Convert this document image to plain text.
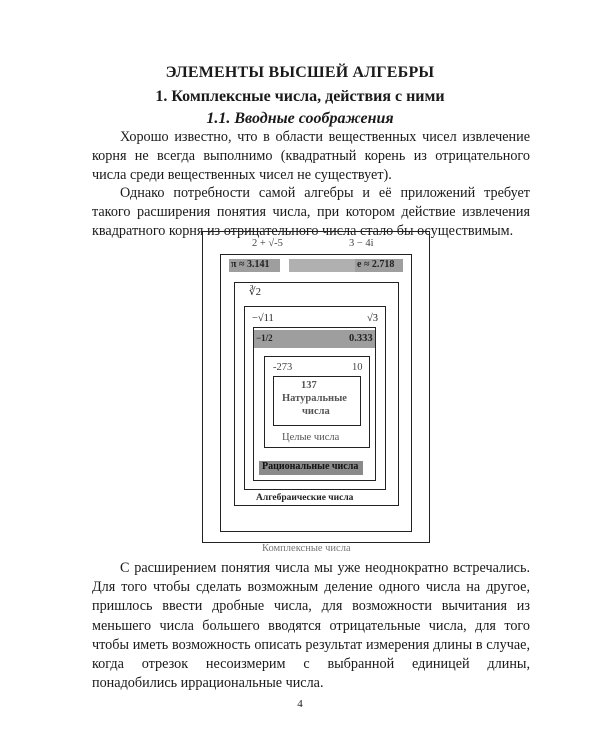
ЭЛЕМЕНТЫ ВЫСШЕЙ АЛГЕБРЫ
1. Комплексные числа, действия с ними
1.1. Вводные соображения
Хорошо известно, что в области вещественных чисел извлечение корня не всегда выполнимо (квадратный корень из отрицательного числа среди вещественных чисел не существует).
Однако потребности самой алгебры и её приложений требует такого расширения понятия числа, при котором действие извлечения квадратного корня из отрицательного числа стало бы осуществимым.
2 + √-5	3 − 4i
Комплексные числа
π ≈ 3.141	e ≈ 2.718
∛2
Алгебраические числа
−√11	√3
−1/2	0.333
Рациональные числа
-273	10
Целые числа
137
Натуральные
числа
С расширением понятия числа мы уже неоднократно встречались. Для того чтобы сделать возможным деление одного числа на другое, пришлось ввести дробные числа, для возможности вычитания из меньшего числа большего вводятся отрицательные числа, для того чтобы иметь возможность описать результат измерения длины в случае, когда отрезок несоизмерим с выбранной единицей длины, понадобились иррациональные числа.
4
